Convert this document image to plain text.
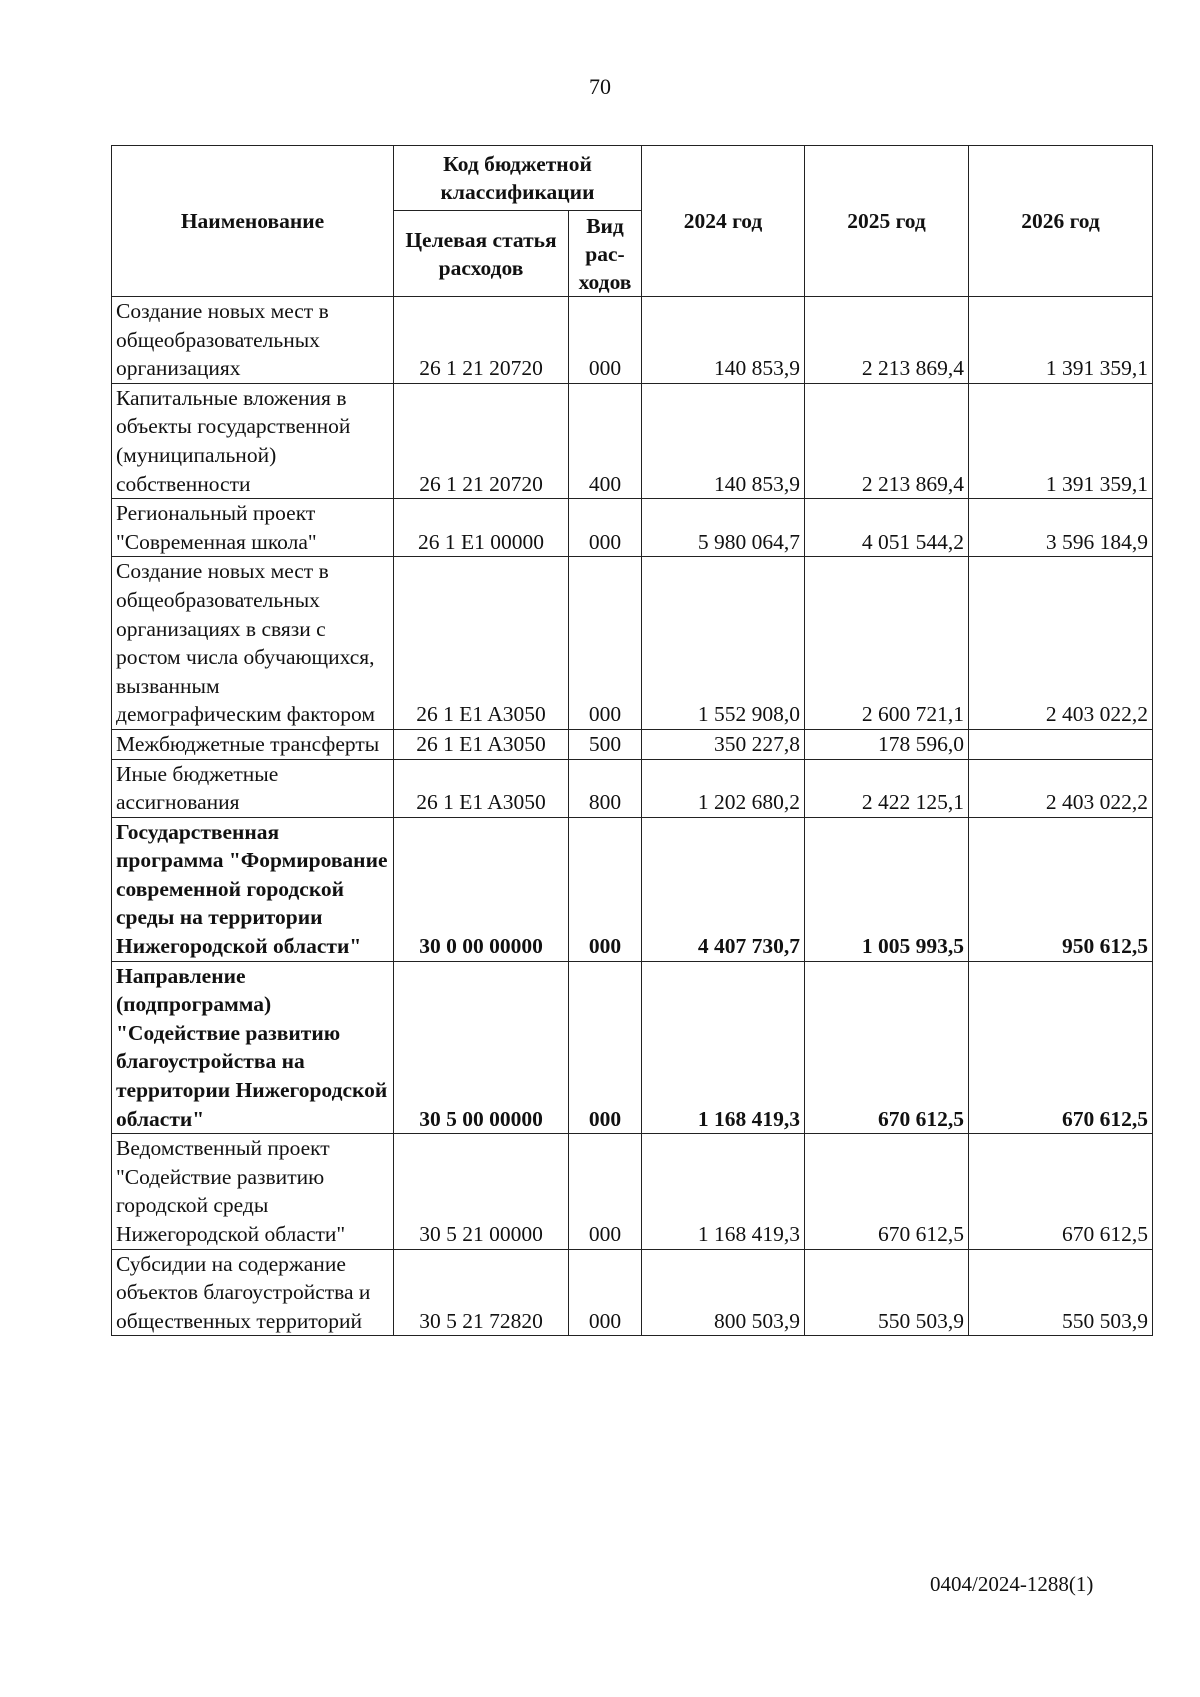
70
Наименование	Код бюджетной классификации		2024 год	2025 год	2026 год
	Целевая статья расходов	Вид рас-ходов			
Создание новых мест в общеобразовательных организациях	26 1 21 20720	000	140 853,9	2 213 869,4	1 391 359,1
Капитальные вложения в объекты государственной (муниципальной) собственности	26 1 21 20720	400	140 853,9	2 213 869,4	1 391 359,1
Региональный проект "Современная школа"	26 1 E1 00000	000	5 980 064,7	4 051 544,2	3 596 184,9
Создание новых мест в общеобразовательных организациях в связи с ростом числа обучающихся, вызванным демографическим фактором	26 1 E1 A3050	000	1 552 908,0	2 600 721,1	2 403 022,2
Межбюджетные трансферты	26 1 E1 A3050	500	350 227,8	178 596,0	
Иные бюджетные ассигнования	26 1 E1 A3050	800	1 202 680,2	2 422 125,1	2 403 022,2
Государственная программа "Формирование современной городской среды на территории Нижегородской области"	30 0 00 00000	000	4 407 730,7	1 005 993,5	950 612,5
Направление (подпрограмма) "Содействие развитию благоустройства на территории Нижегородской области"	30 5 00 00000	000	1 168 419,3	670 612,5	670 612,5
Ведомственный проект "Содействие развитию городской среды Нижегородской области"	30 5 21 00000	000	1 168 419,3	670 612,5	670 612,5
Субсидии на содержание объектов благоустройства и общественных территорий	30 5 21 72820	000	800 503,9	550 503,9	550 503,9
0404/2024-1288(1)
